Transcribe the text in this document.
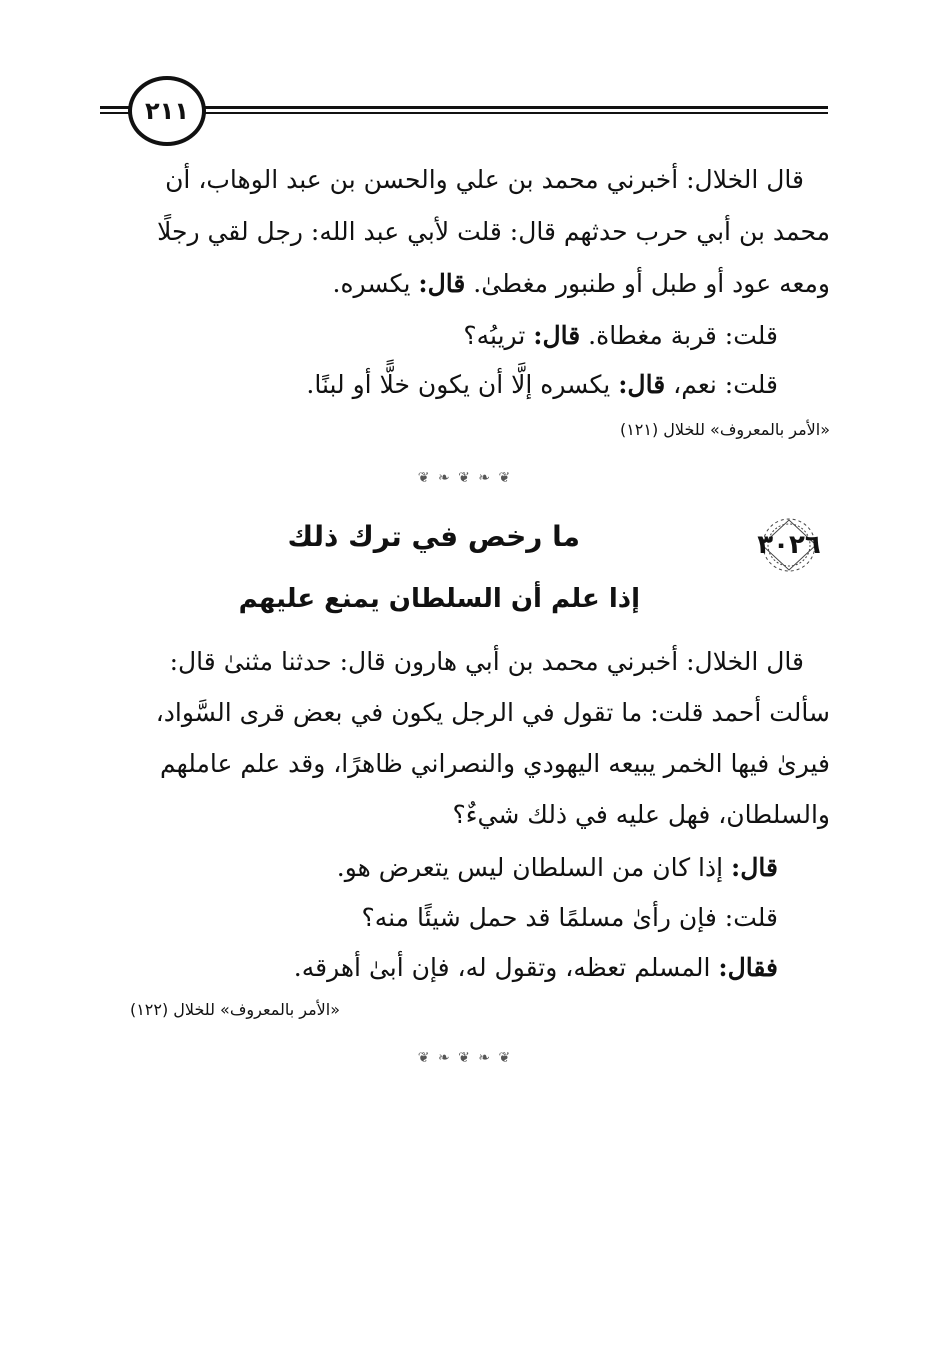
٢١١
قال الخلال: أخبرني محمد بن علي والحسن بن عبد الوهاب، أن
محمد بن أبي حرب حدثهم قال: قلت لأبي عبد الله: رجل لقي رجلًا
ومعه عود أو طبل أو طنبور مغطىٰ. قال: يكسره.
قلت: قربة مغطاة. قال: تريبُه؟
قلت: نعم، قال: يكسره إلَّا أن يكون خلًّا أو لبنًا.
«الأمر بالمعروف» للخلال (١٢١)
❦ ❧ ❦ ❧ ❦
٣٠٢٦
ما رخص في ترك ذلك
إذا علم أن السلطان يمنع عليهم
قال الخلال: أخبرني محمد بن أبي هارون قال: حدثنا مثنىٰ قال:
سألت أحمد قلت: ما تقول في الرجل يكون في بعض قرى السَّواد،
فيرىٰ فيها الخمر يبيعه اليهودي والنصراني ظاهرًا، وقد علم عاملهم
والسلطان، فهل عليه في ذلك شيءٌ؟
قال: إذا كان من السلطان ليس يتعرض هو.
قلت: فإن رأىٰ مسلمًا قد حمل شيئًا منه؟
فقال: المسلم تعظه، وتقول له، فإن أبىٰ أهرقه.
«الأمر بالمعروف» للخلال (١٢٢)
❦ ❧ ❦ ❧ ❦
